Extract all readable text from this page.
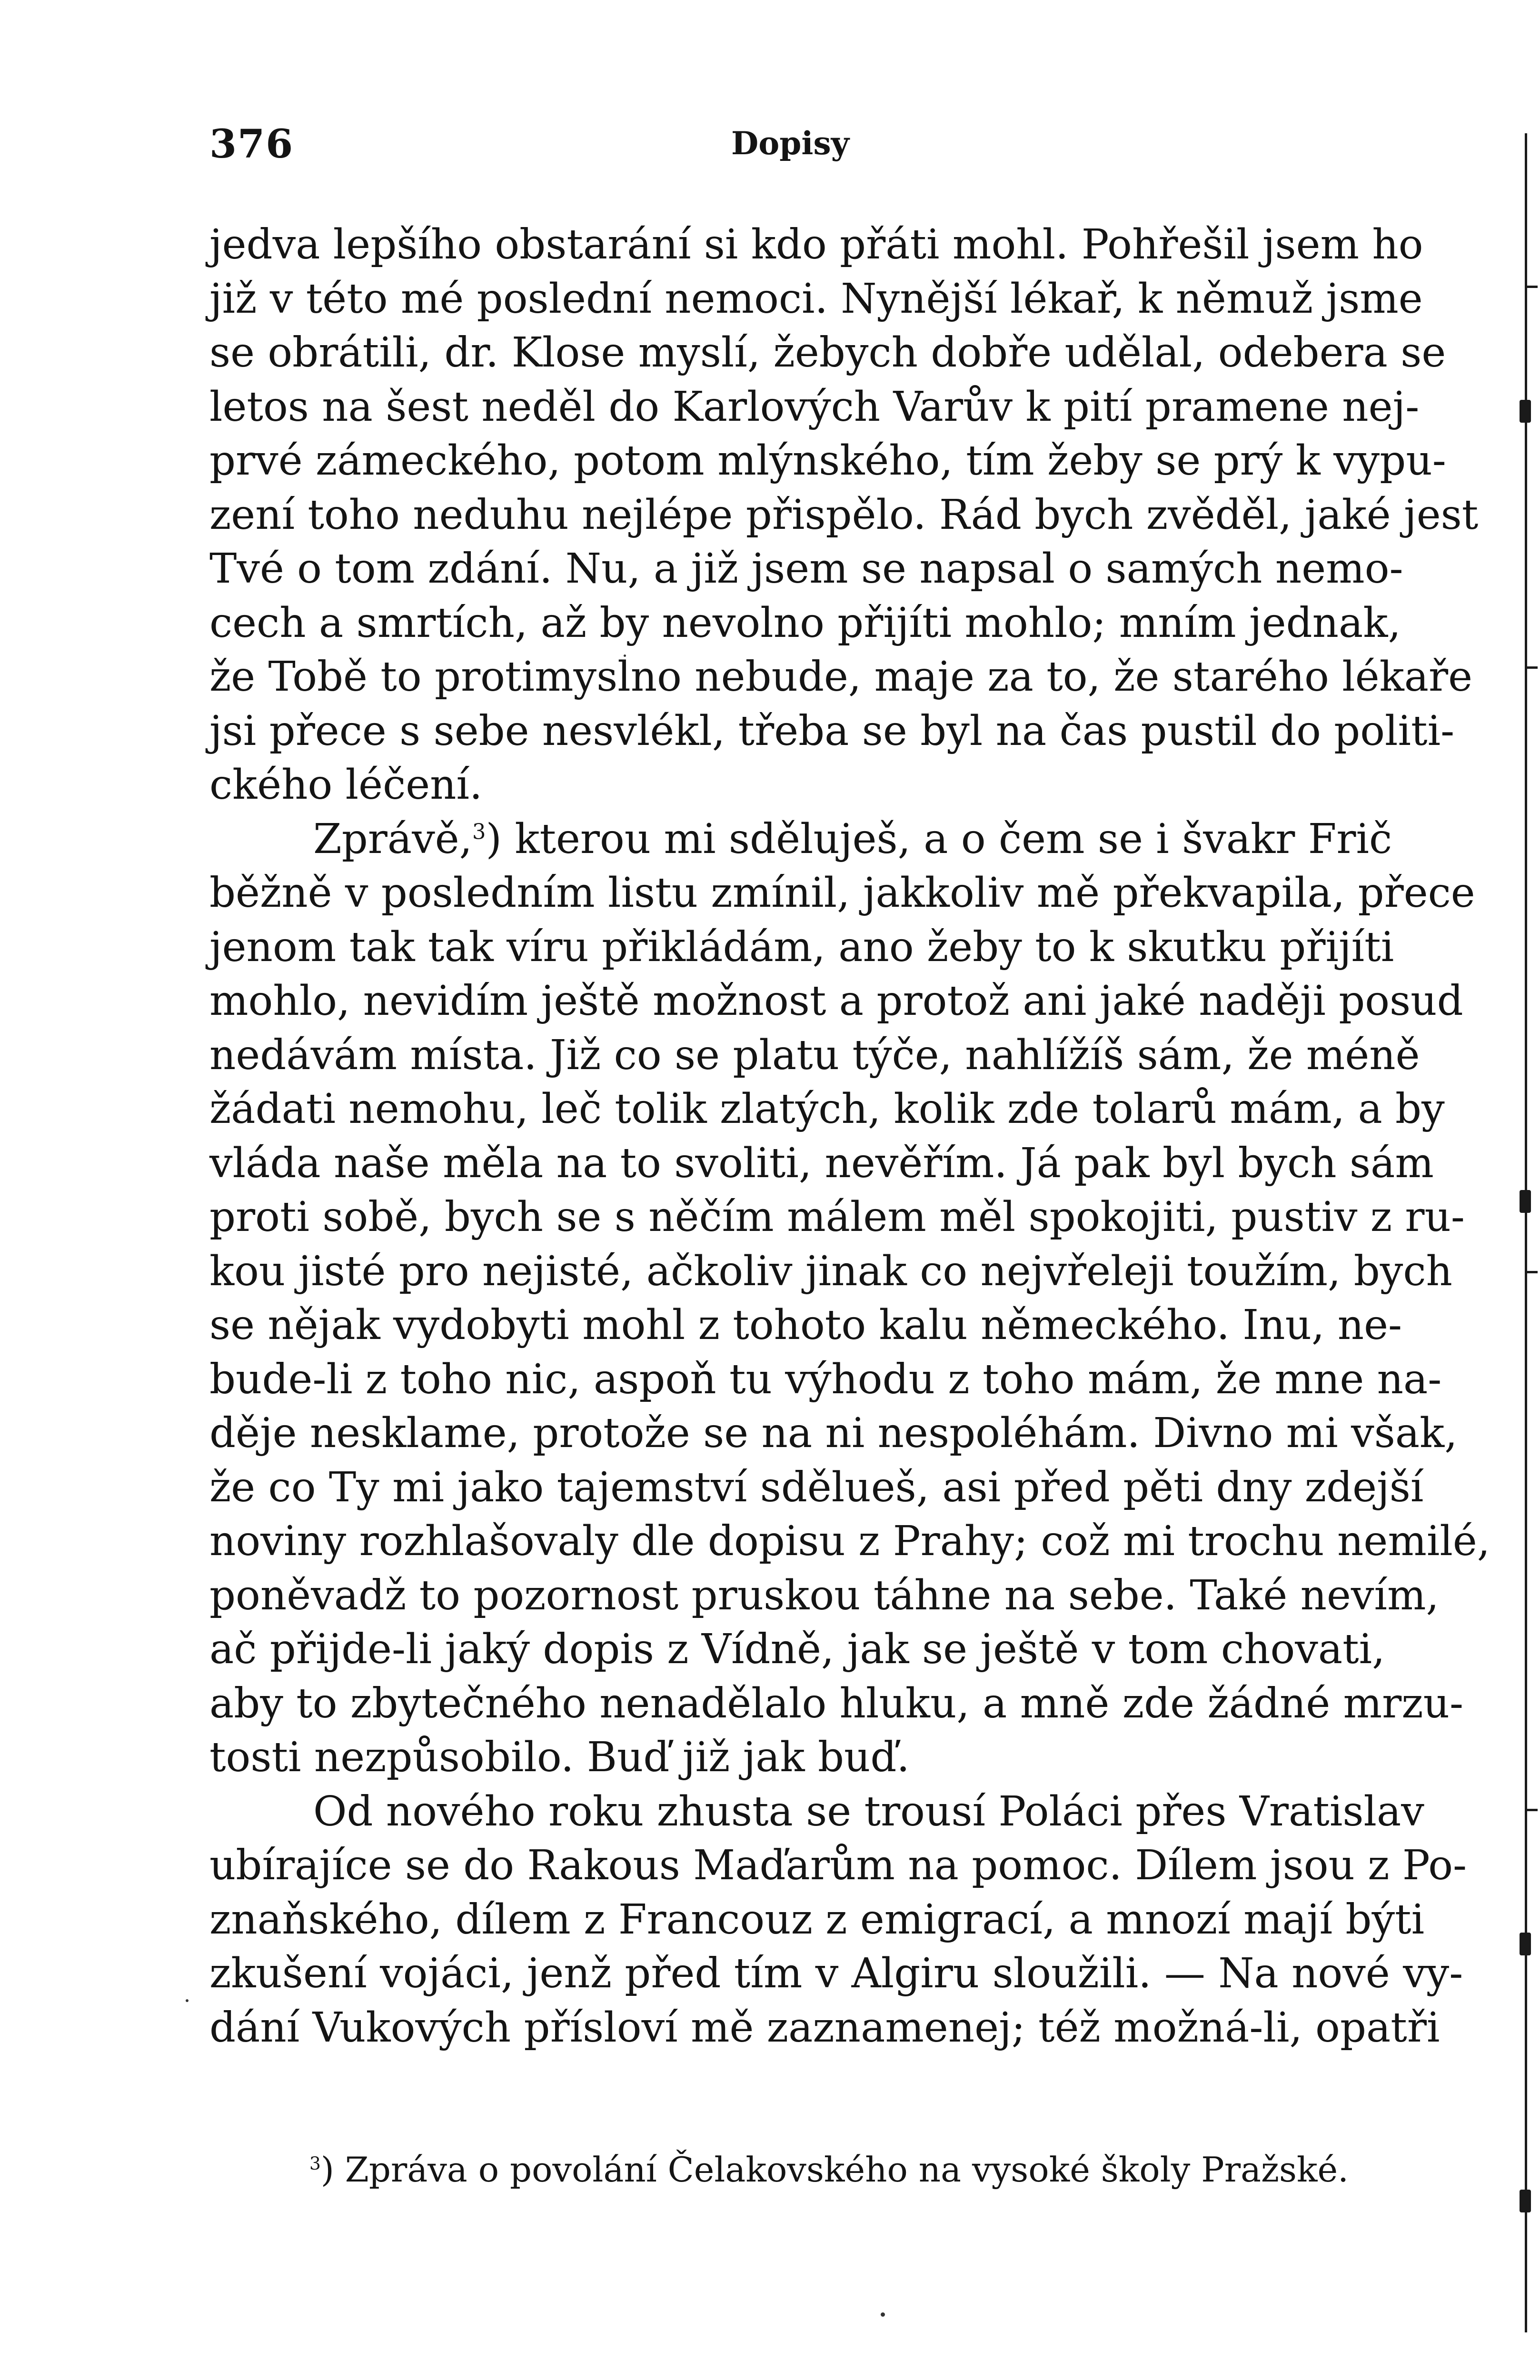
376	Dopisy
jedva lepšího obstarání si kdo přáti mohl. Pohřešil jsem ho
již v této mé poslední nemoci. Nynější lékař, k němuž jsme
se obrátili, dr. Klose myslí, žebych dobře udělal, odebera se
letos na šest neděl do Karlových Varův k pití pramene nej-
prvé zámeckého, potom mlýnského, tím žeby se prý k vypu-
zení toho neduhu nejlépe přispělo. Rád bych zvěděl, jaké jest
Tvé o tom zdání. Nu, a již jsem se napsal o samých nemo-
cech a smrtích, až by nevolno přijíti mohlo; mním jednak,
že Tobě to protimyslno nebude, maje za to, že starého lékaře
jsi přece s sebe nesvlékl, třeba se byl na čas pustil do politi-
ckého léčení.
Zprávě,$^3$) kterou mi sděluješ, a o čem se i švakr Frič
běžně v posledním listu zmínil, jakkoliv mě překvapila, přece
jenom tak tak víru přikládám, ano žeby to k skutku přijíti
mohlo, nevidím ještě možnost a protož ani jaké naději posud
nedávám místa. Již co se platu týče, nahlížíš sám, že méně
žádati nemohu, leč tolik zlatých, kolik zde tolarů mám, a by
vláda naše měla na to svoliti, nevěřím. Já pak byl bych sám
proti sobě, bych se s něčím málem měl spokojiti, pustiv z ru-
kou jisté pro nejisté, ačkoliv jinak co nejvřeleji toužím, bych
se nějak vydobyti mohl z tohoto kalu německého. Inu, ne-
bude-li z toho nic, aspoň tu výhodu z toho mám, že mne na-
děje nesklame, protože se na ni nespoléhám. Divno mi však,
že co Ty mi jako tajemství sdělueš, asi před pěti dny zdejší
noviny rozhlašovaly dle dopisu z Prahy; což mi trochu nemilé,
poněvadž to pozornost pruskou táhne na sebe. Také nevím,
ač přijde-li jaký dopis z Vídně, jak se ještě v tom chovati,
aby to zbytečného nenadělalo hluku, a mně zde žádné mrzu-
tosti nezpůsobilo. Buď již jak buď.
Od nového roku zhusta se trousí Poláci přes Vratislav
ubírajíce se do Rakous Maďarům na pomoc. Dílem jsou z Po-
znaňského, dílem z Francouz z emigrací, a mnozí mají býti
zkušení vojáci, jenž před tím v Algiru sloužili. — Na nové vy-
dání Vukových přísloví mě zaznamenej; též možná-li, opatři
$^3$) Zpráva o povolání Čelakovského na vysoké školy Pražské.
